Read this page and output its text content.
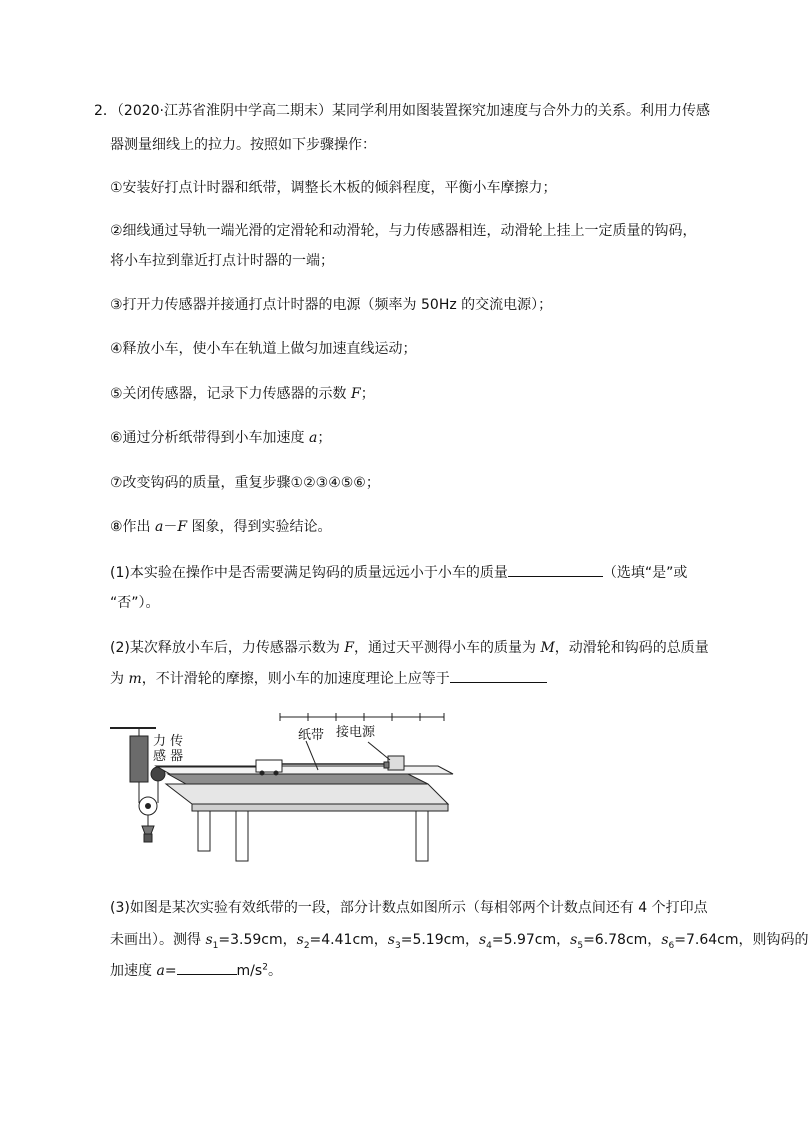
2．（2020·江苏省淮阴中学高二期末）某同学利用如图装置探究加速度与合外力的关系。利用力传感
器测量细线上的拉力。按照如下步骤操作：
①安装好打点计时器和纸带，调整长木板的倾斜程度，平衡小车摩擦力；
②细线通过导轨一端光滑的定滑轮和动滑轮，与力传感器相连，动滑轮上挂上一定质量的钩码，
将小车拉到靠近打点计时器的一端；
③打开力传感器并接通打点计时器的电源（频率为 50Hz 的交流电源）；
④释放小车，使小车在轨道上做匀加速直线运动；
⑤关闭传感器，记录下力传感器的示数 F；
⑥通过分析纸带得到小车加速度 a；
⑦改变钩码的质量，重复步骤①②③④⑤⑥；
⑧作出 a－F 图象，得到实验结论。
(1)本实验在操作中是否需要满足钩码的质量远远小于小车的质量	（选填“是”或
“否”）。
(2)某次释放小车后，力传感器示数为 F，通过天平测得小车的质量为 M，动滑轮和钩码的总质量
为 m，不计滑轮的摩擦，则小车的加速度理论上应等于
力 传
感 器
纸带 接电源
(3)如图是某次实验有效纸带的一段，部分计数点如图所示（每相邻两个计数点间还有 4 个打印点
未画出）。测得 $s_1=3.59cm$，$s_2=4.41cm$，$s_3=5.19cm$，$s_4=5.97cm$，$s_5=6.78cm$，$s_6=7.64cm$，则钩码的
加速度 a=	$m/s^2$。
